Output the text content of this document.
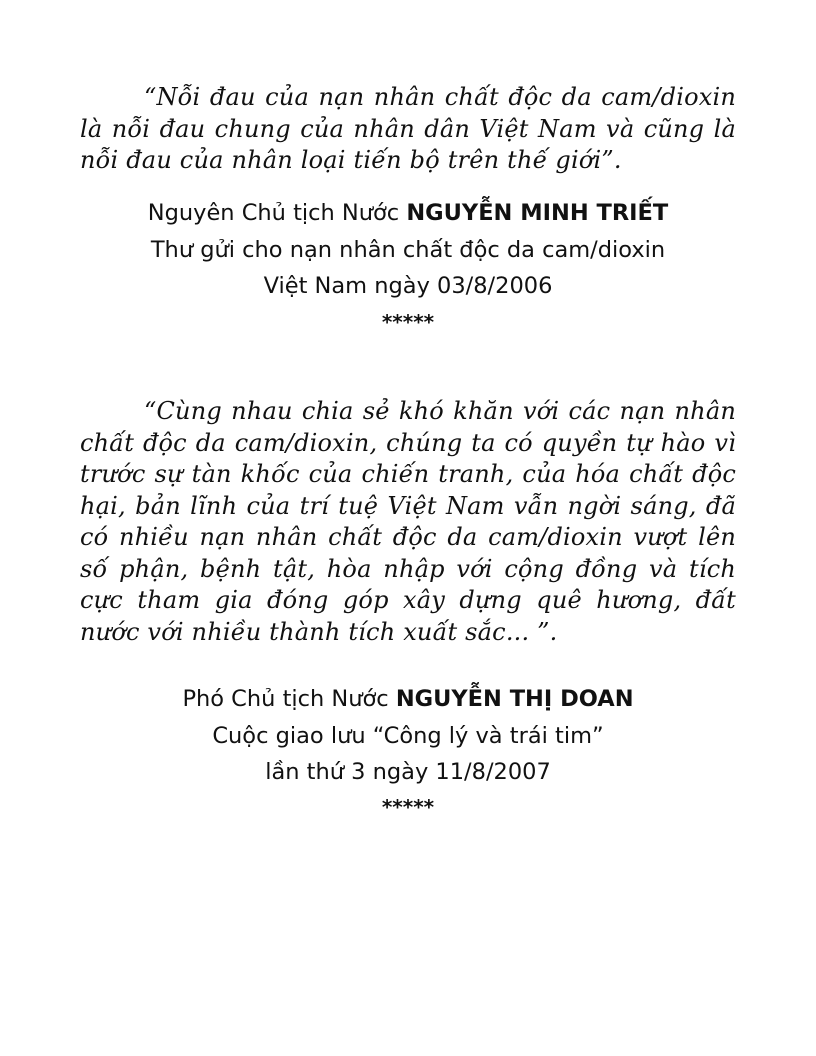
“Nỗi đau của nạn nhân chất độc da cam/dioxin là nỗi đau chung của nhân dân Việt Nam và cũng là nỗi đau của nhân loại tiến bộ trên thế giới”.

Nguyên Chủ tịch Nước NGUYỄN MINH TRIẾT
Thư gửi cho nạn nhân chất độc da cam/dioxin
Việt Nam ngày 03/8/2006
*****

“Cùng nhau chia sẻ khó khăn với các nạn nhân chất độc da cam/dioxin, chúng ta có quyền tự hào vì trước sự tàn khốc của chiến tranh, của hóa chất độc hại, bản lĩnh của trí tuệ Việt Nam vẫn ngời sáng, đã có nhiều nạn nhân chất độc da cam/dioxin vượt lên số phận, bệnh tật, hòa nhập với cộng đồng và tích cực tham gia đóng góp xây dựng quê hương, đất nước với nhiều thành tích xuất sắc... ”.

Phó Chủ tịch Nước NGUYỄN THỊ DOAN
Cuộc giao lưu “Công lý và trái tim”
lần thứ 3 ngày 11/8/2007
*****
